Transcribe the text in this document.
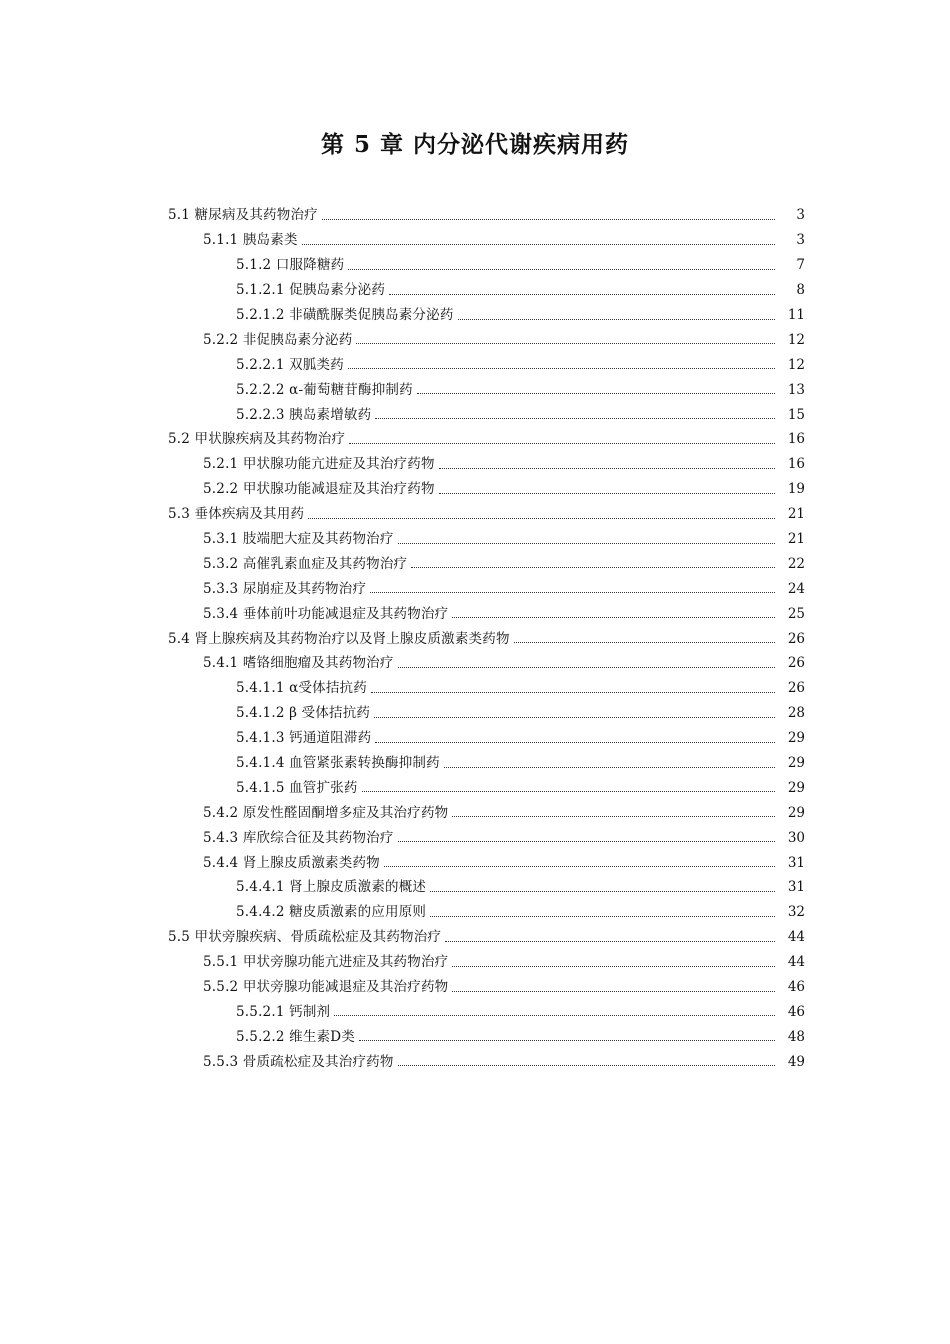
第 5 章 内分泌代谢疾病用药
5.1 糖尿病及其药物治疗	3
5.1.1 胰岛素类	3
5.1.2 口服降糖药	7
5.1.2.1 促胰岛素分泌药	8
5.2.1.2 非磺酰脲类促胰岛素分泌药	11
5.2.2 非促胰岛素分泌药	12
5.2.2.1 双胍类药	12
5.2.2.2 α-葡萄糖苷酶抑制药	13
5.2.2.3 胰岛素增敏药	15
5.2 甲状腺疾病及其药物治疗	16
5.2.1 甲状腺功能亢进症及其治疗药物	16
5.2.2 甲状腺功能减退症及其治疗药物	19
5.3 垂体疾病及其用药	21
5.3.1 肢端肥大症及其药物治疗	21
5.3.2 高催乳素血症及其药物治疗	22
5.3.3 尿崩症及其药物治疗	24
5.3.4 垂体前叶功能减退症及其药物治疗	25
5.4 肾上腺疾病及其药物治疗以及肾上腺皮质激素类药物	26
5.4.1 嗜铬细胞瘤及其药物治疗	26
5.4.1.1 α受体拮抗药	26
5.4.1.2 β 受体拮抗药	28
5.4.1.3 钙通道阻滞药	29
5.4.1.4 血管紧张素转换酶抑制药	29
5.4.1.5 血管扩张药	29
5.4.2 原发性醛固酮增多症及其治疗药物	29
5.4.3 库欣综合征及其药物治疗	30
5.4.4 肾上腺皮质激素类药物	31
5.4.4.1 肾上腺皮质激素的概述	31
5.4.4.2 糖皮质激素的应用原则	32
5.5 甲状旁腺疾病、骨质疏松症及其药物治疗	44
5.5.1 甲状旁腺功能亢进症及其药物治疗	44
5.5.2 甲状旁腺功能减退症及其治疗药物	46
5.5.2.1 钙制剂	46
5.5.2.2 维生素D类	48
5.5.3 骨质疏松症及其治疗药物	49
